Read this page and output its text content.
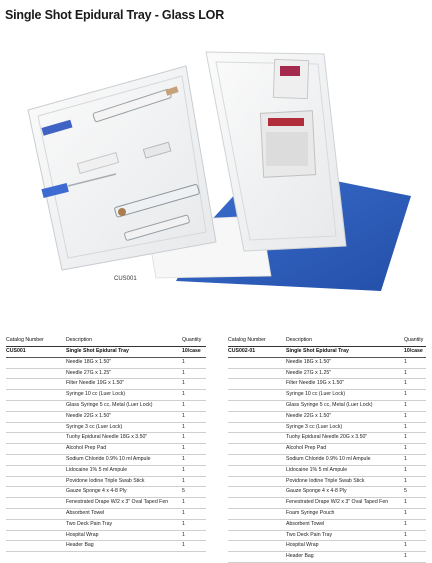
Single Shot Epidural Tray - Glass LOR
CUS001
Catalog Number	Description	Quantity
CUS001	Single Shot Epidural Tray	10/case
Needle 18G x 1.50"	1
Needle 27G x 1.25"	1
Filter Needle 19G x 1.50"	1
Syringe 10 cc (Luer Lock)	1
Glass Syringe 5 cc, Metal (Luer Lock)	1
Needle 22G x 1.50"	1
Syringe 3 cc (Luer Lock)	1
Tuohy Epidural Needle 18G x 3.50"	1
Alcohol Prep Pad	1
Sodium Chloride 0.9% 10 ml Ampule	1
Lidocaine 1% 5 ml Ampule	1
Povidone Iodine Triple Swab Stick	1
Gauze Sponge 4 x 4-8 Ply	5
Fenestrated Drape W/2 x 3" Oval Taped Fen	1
Absorbent Towel	1
Two Deck Pain Tray	1
Hospital Wrap	1
Header Bag	1
Catalog Number	Description	Quantity
CUS002-01	Single Shot Epidural Tray	10/case
Needle 18G x 1.50"	1
Needle 27G x 1.25"	1
Filter Needle 19G x 1.50"	1
Syringe 10 cc (Luer Lock)	1
Glass Syringe 5 cc, Metal (Luer Lock)	1
Needle 22G x 1.50"	1
Syringe 3 cc (Luer Lock)	1
Tuohy Epidural Needle 20G x 3.50"	1
Alcohol Prep Pad	1
Sodium Chloride 0.9% 10 ml Ampule	1
Lidocaine 1% 5 ml Ampule	1
Povidone Iodine Triple Swab Stick	1
Gauze Sponge 4 x 4-8 Ply	5
Fenestrated Drape W/2 x 3" Oval Taped Fen	1
Foam Syringe Pouch	1
Absorbent Towel	1
Two Deck Pain Tray	1
Hospital Wrap	1
Header Bag	1
